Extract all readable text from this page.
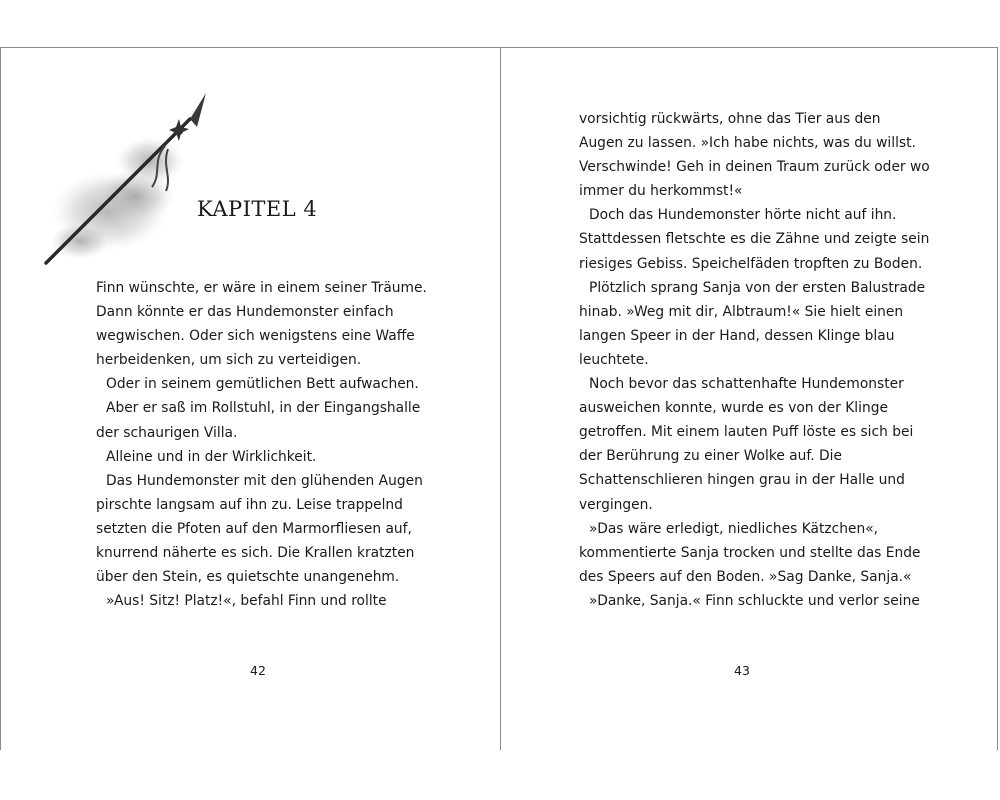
KAPITEL 4
Finn wünschte, er wäre in einem seiner Träume.
Dann könnte er das Hundemonster einfach
wegwischen. Oder sich wenigstens eine Waffe
herbeidenken, um sich zu verteidigen.
Oder in seinem gemütlichen Bett aufwachen.
Aber er saß im Rollstuhl, in der Eingangshalle
der schaurigen Villa.
Alleine und in der Wirklichkeit.
Das Hundemonster mit den glühenden Augen
pirschte langsam auf ihn zu. Leise trappelnd
setzten die Pfoten auf den Marmorfliesen auf,
knurrend näherte es sich. Die Krallen kratzten
über den Stein, es quietschte unangenehm.
»Aus! Sitz! Platz!«, befahl Finn und rollte
42
vorsichtig rückwärts, ohne das Tier aus den
Augen zu lassen. »Ich habe nichts, was du willst.
Verschwinde! Geh in deinen Traum zurück oder wo
immer du herkommst!«
Doch das Hundemonster hörte nicht auf ihn.
Stattdessen fletschte es die Zähne und zeigte sein
riesiges Gebiss. Speichelfäden tropften zu Boden.
Plötzlich sprang Sanja von der ersten Balustrade
hinab. »Weg mit dir, Albtraum!« Sie hielt einen
langen Speer in der Hand, dessen Klinge blau
leuchtete.
Noch bevor das schattenhafte Hundemonster
ausweichen konnte, wurde es von der Klinge
getroffen. Mit einem lauten Puff löste es sich bei
der Berührung zu einer Wolke auf. Die
Schattenschlieren hingen grau in der Halle und
vergingen.
»Das wäre erledigt, niedliches Kätzchen«,
kommentierte Sanja trocken und stellte das Ende
des Speers auf den Boden. »Sag Danke, Sanja.«
»Danke, Sanja.« Finn schluckte und verlor seine
43
